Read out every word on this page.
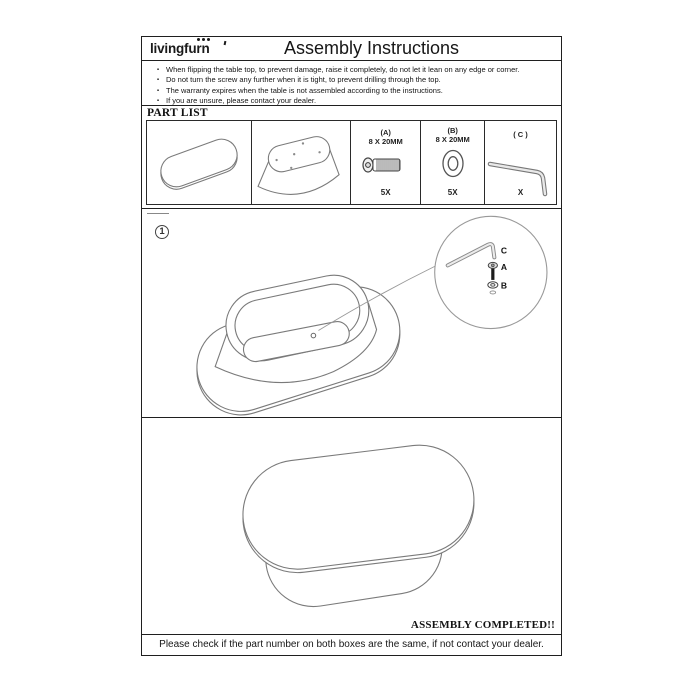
livingfurn	Assembly Instructions
▪ When flipping the table top, to prevent damage, raise it completely, do not let it lean on any edge or corner.
▪ Do not turn the screw any further when it is tight, to prevent drilling through the top.
▪ The warranty expires when the table is not assembled according to the instructions.
▪ If you are unsure, please contact your dealer.
PART LIST
(A)
8 X 20MM
5X
(B)
8 X 20MM
5X
( C )
X
1
C
A
B
ASSEMBLY COMPLETED!!
Please check if the part number on both boxes are the same, if not contact your dealer.
